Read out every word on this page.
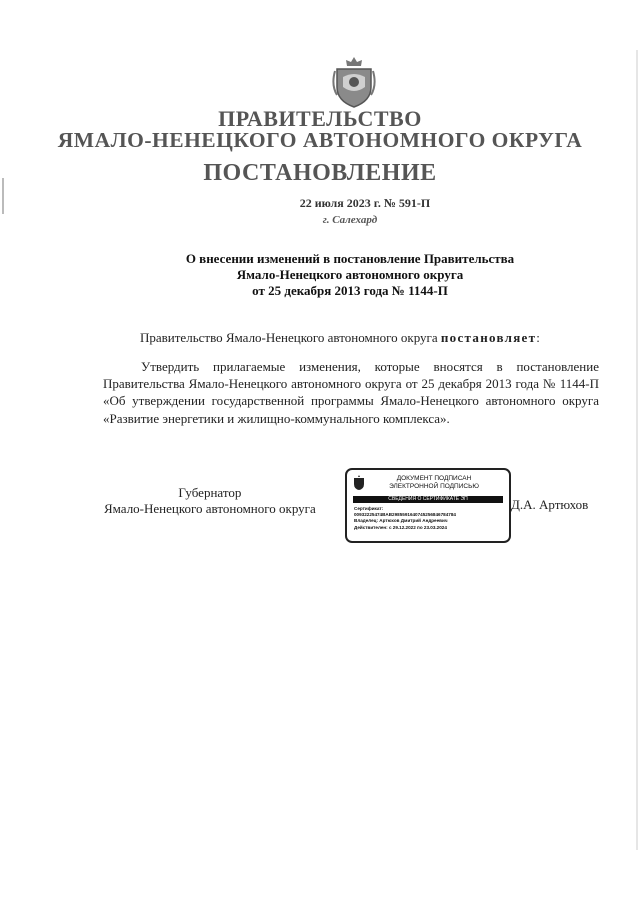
ПРАВИТЕЛЬСТВО
ЯМАЛО-НЕНЕЦКОГО АВТОНОМНОГО ОКРУГА
ПОСТАНОВЛЕНИЕ
22 июля 2023 г. № 591-П
г. Салехард
О внесении изменений в постановление Правительства
Ямало-Ненецкого автономного округа
от 25 декабря 2013 года № 1144-П
Правительство Ямало-Ненецкого автономного округа постановляет:
Утвердить прилагаемые изменения, которые вносятся в постановление Правительства Ямало-Ненецкого автономного округа от 25 декабря 2013 года № 1144-П «Об утверждении государственной программы Ямало-Ненецкого автономного округа «Развитие энергетики и жилищно-коммунального комплекса».
Губернатор
Ямало-Ненецкого автономного округа
ДОКУМЕНТ ПОДПИСАН
ЭЛЕКТРОННОЙ ПОДПИСЬЮ
СВЕДЕНИЯ О СЕРТИФИКАТЕ ЭП
Сертификат:
00932225474BAB2985591640745256846784784
Владелец: Артюхов Дмитрий Андреевич
Действителен: с 29.12.2022 по 23.03.2024
Д.А. Артюхов
